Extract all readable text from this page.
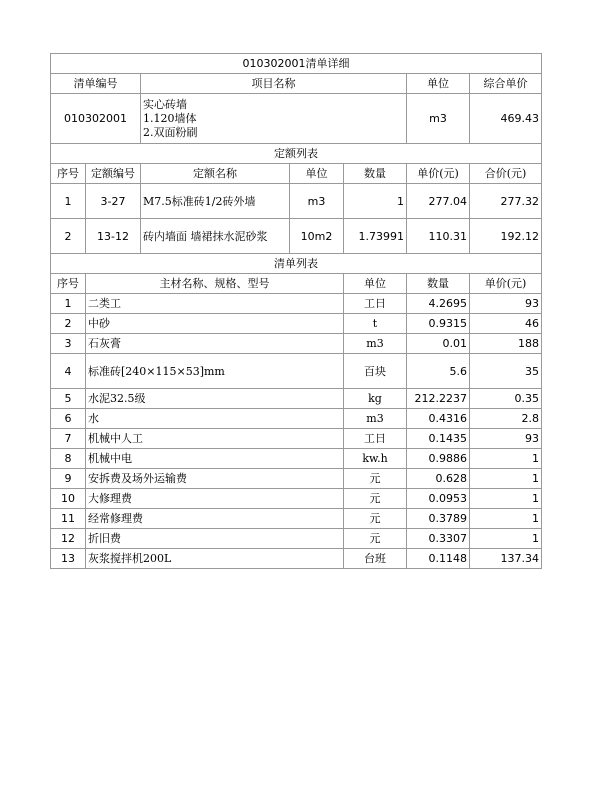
010302001清单详细							
清单编号		项目名称			单位	综合单价	
010302001		实心砖墙
1.120墙体
2.双面粉刷			m3	469.43	
定额列表							
序号	定额编号	定额名称	单位	数量	单价(元)	合价(元)	
1	3-27	M7.5标准砖1/2砖外墙	m3	1	277.04	277.32	
2	13-12	砖内墙面 墙裙抹水泥砂浆	10m2	1.73991	110.31	192.12	
清单列表							
序号	主材名称、规格、型号			单位	数量	单价(元)	
1	二类工			工日	4.2695	93	
2	中砂			t	0.9315	46	
3	石灰膏			m3	0.01	188	
4	标准砖[240×115×53]mm			百块	5.6	35	
5	水泥32.5级			kg	212.2237	0.35	
6	水			m3	0.4316	2.8	
7	机械中人工			工日	0.1435	93	
8	机械中电			kw.h	0.9886	1	
9	安拆费及场外运输费			元	0.628	1	
10	大修理费			元	0.0953	1	
11	经常修理费			元	0.3789	1	
12	折旧费			元	0.3307	1	
13	灰浆搅拌机200L			台班	0.1148	137.34	
